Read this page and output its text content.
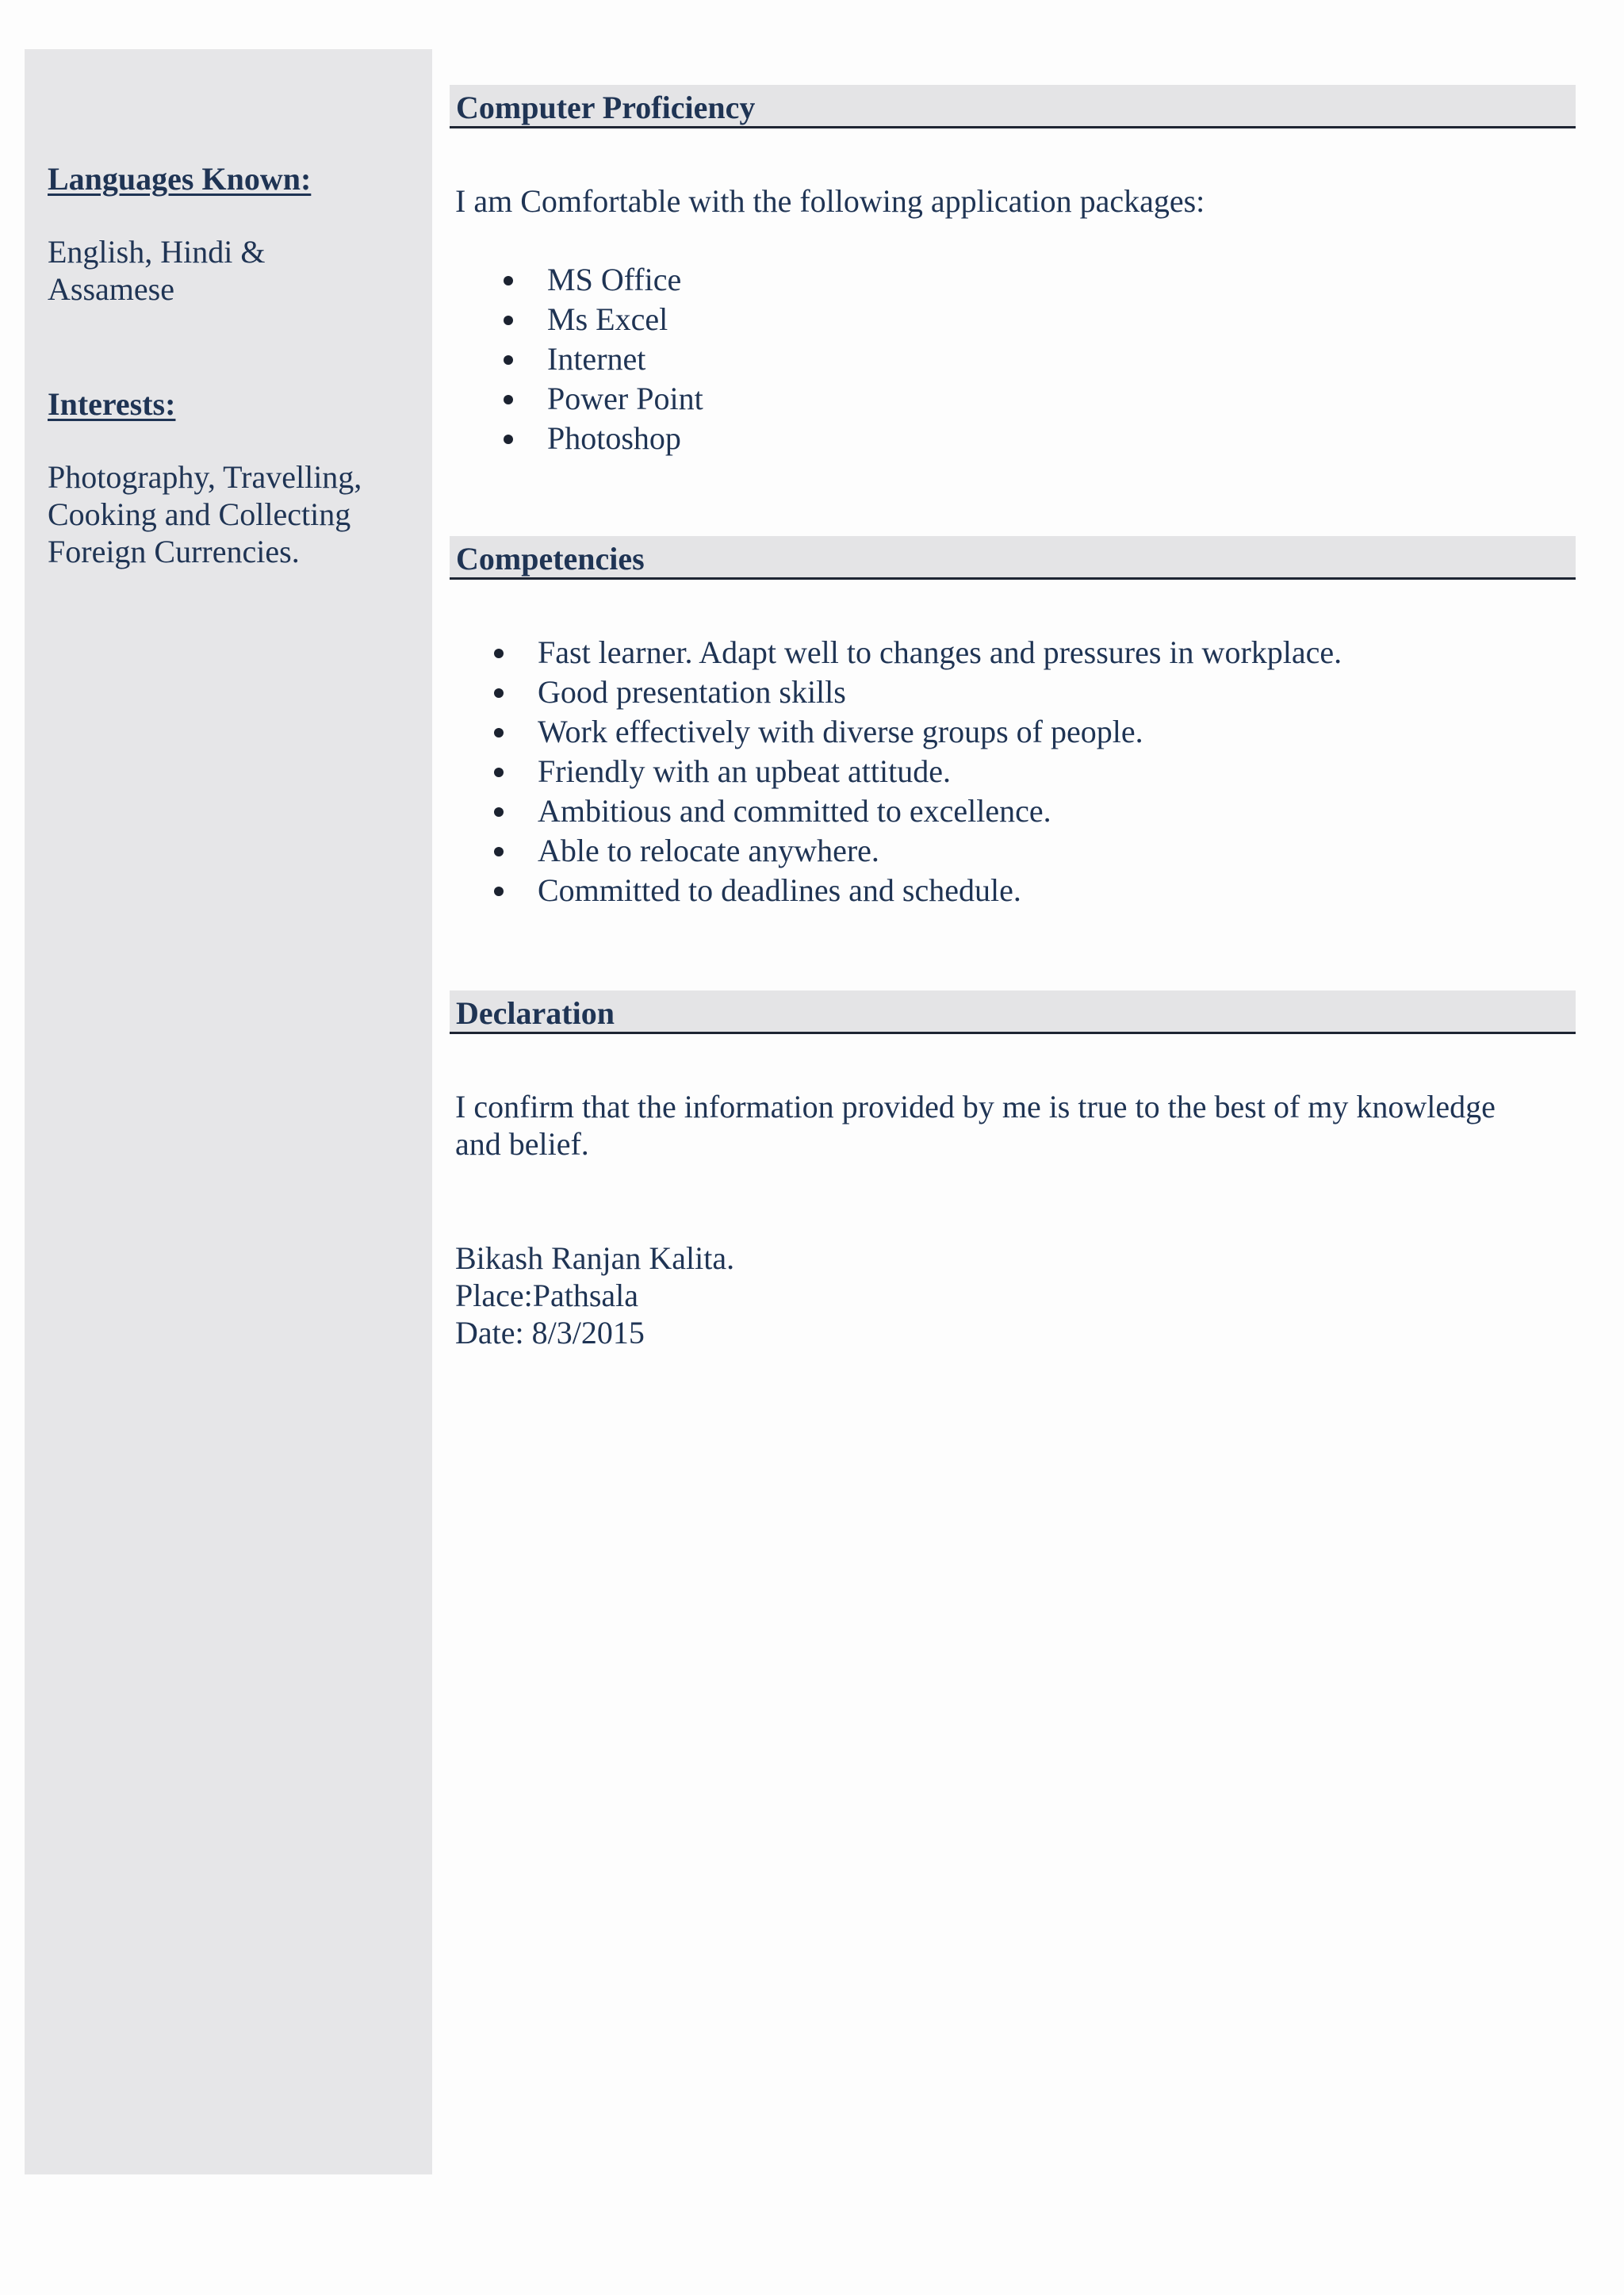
Languages Known:

English, Hindi & Assamese

Interests:

Photography, Travelling, Cooking and Collecting Foreign Currencies.

Computer Proficiency

I am Comfortable with the following application packages:

MS Office
Ms Excel
Internet
Power Point
Photoshop
Competencies
Fast learner. Adapt well to changes and pressures in workplace.
Good presentation skills
Work effectively with diverse groups of people.
Friendly with an upbeat attitude.
Ambitious and committed to excellence.
Able to relocate anywhere.
Committed to deadlines and schedule.
Declaration

I confirm that the information provided by me is true to the best of my knowledge and belief.

Bikash Ranjan Kalita.

Place:Pathsala

Date: 8/3/2015
